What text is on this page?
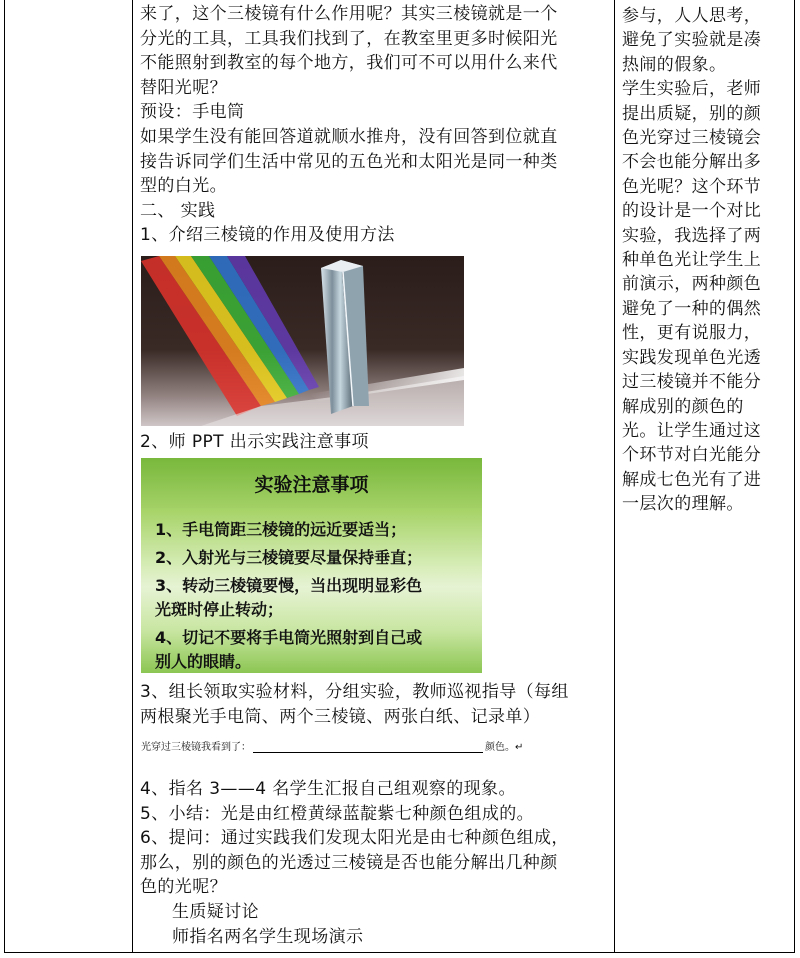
来了，这个三棱镜有什么作用呢？其实三棱镜就是一个

分光的工具，工具我们找到了，在教室里更多时候阳光

不能照射到教室的每个地方，我们可不可以用什么来代

替阳光呢？

预设：手电筒

如果学生没有能回答道就顺水推舟，没有回答到位就直

接告诉同学们生活中常见的五色光和太阳光是同一种类

型的白光。

二、 实践

1、介绍三棱镜的作用及使用方法

2、师 PPT 出示实践注意事项

实验注意事项
1、手电筒距三棱镜的远近要适当；
2、入射光与三棱镜要尽量保持垂直；
3、转动三棱镜要慢，当出现明显彩色
光斑时停止转动；
4、切记不要将手电筒光照射到自己或
别人的眼睛。

3、组长领取实验材料，分组实验，教师巡视指导（每组

两根聚光手电筒、两个三棱镜、两张白纸、记录单）

光穿过三棱镜我看到了：	颜色。↵

4、指名 3——4 名学生汇报自己组观察的现象。

5、小结：光是由红橙黄绿蓝靛紫七种颜色组成的。

6、提问：通过实践我们发现太阳光是由七种颜色组成，

那么，别的颜色的光透过三棱镜是否也能分解出几种颜

色的光呢？

生质疑讨论

师指名两名学生现场演示

参与，人人思考，

避免了实验就是凑

热闹的假象。

学生实验后，老师

提出质疑，别的颜

色光穿过三棱镜会

不会也能分解出多

色光呢？这个环节

的设计是一个对比

实验，我选择了两

种单色光让学生上

前演示，两种颜色

避免了一种的偶然

性，更有说服力，

实践发现单色光透

过三棱镜并不能分

解成别的颜色的

光。让学生通过这

个环节对白光能分

解成七色光有了进

一层次的理解。
